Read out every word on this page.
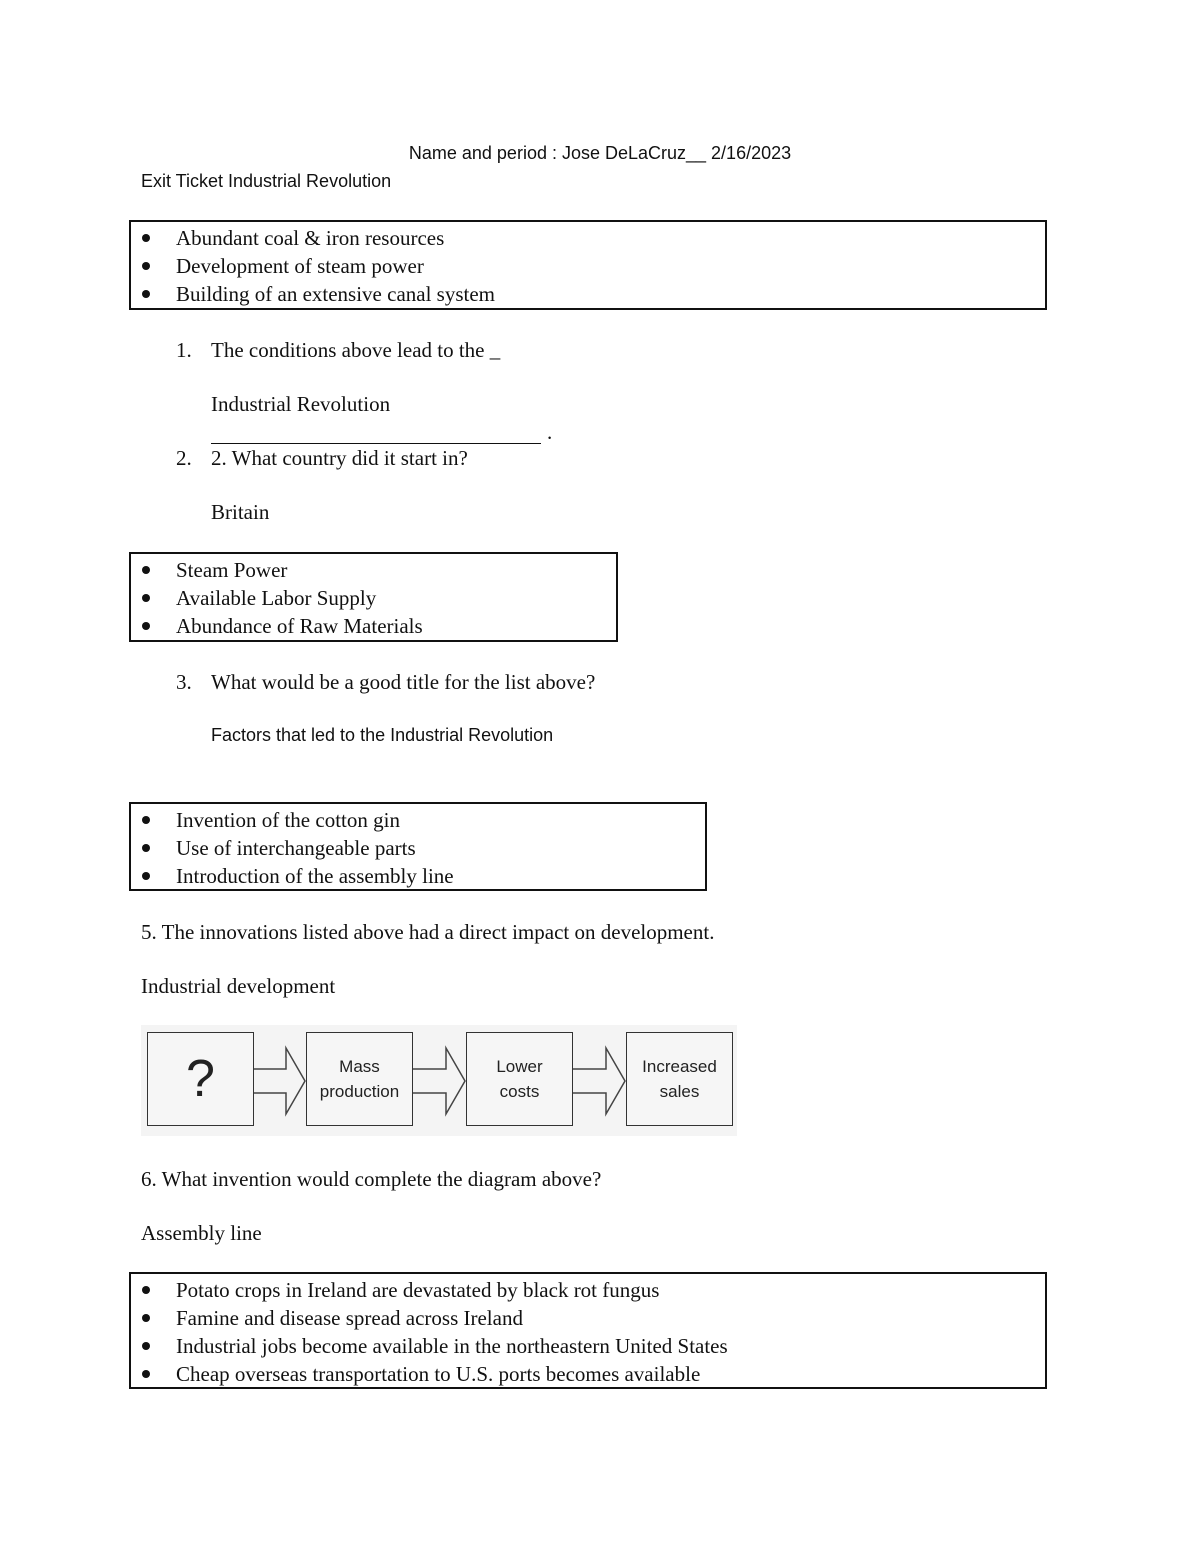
Name and period : Jose DeLaCruz__ 2/16/2023
Exit Ticket Industrial Revolution
Abundant coal & iron resources
Development of steam power
Building of an extensive canal system
1. The conditions above lead to the _
Industrial Revolution
.
2. 2. What country did it start in?
Britain
Steam Power
Available Labor Supply
Abundance of Raw Materials
3. What would be a good title for the list above?
Factors that led to the Industrial Revolution
Invention of the cotton gin
Use of interchangeable parts
Introduction of the assembly line
5. The innovations listed above had a direct impact on development.
Industrial development
?	Mass
production
Lower
costs
Increased
sales
6. What invention would complete the diagram above?
Assembly line
Potato crops in Ireland are devastated by black rot fungus
Famine and disease spread across Ireland
Industrial jobs become available in the northeastern United States
Cheap overseas transportation to U.S. ports becomes available
